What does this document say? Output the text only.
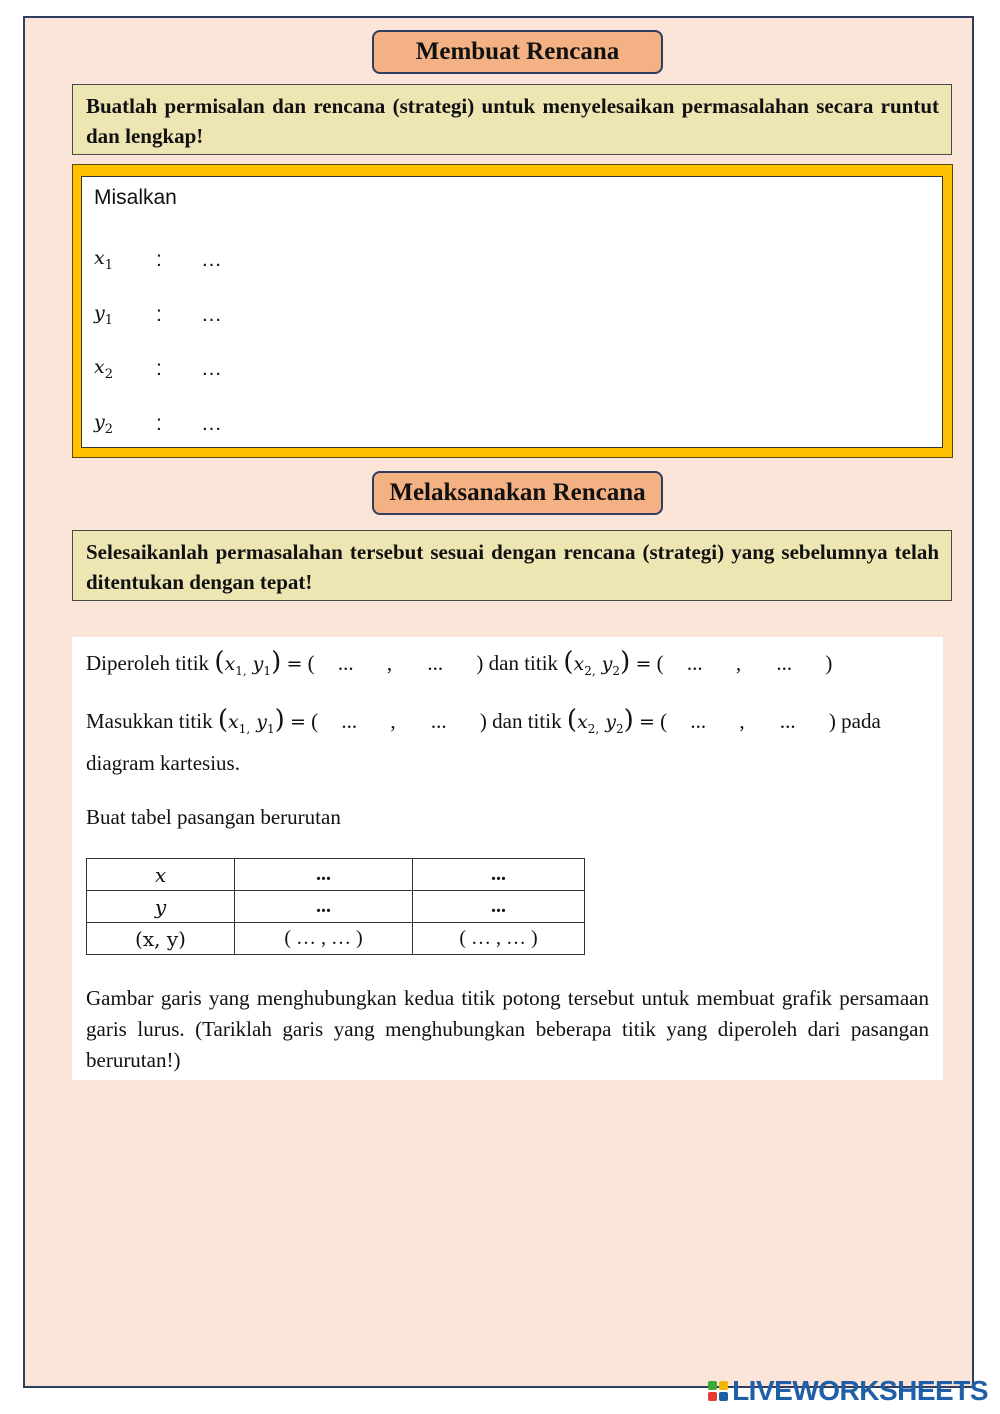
Membuat Rencana
Buatlah permisalan dan rencana (strategi) untuk menyelesaikan permasalahan secara runtut dan lengkap!
Misalkan
$x_1$	:	…
$y_1$	:	…
$x_2$	:	…
$y_2$	:	…
Melaksanakan Rencana
Selesaikanlah permasalahan tersebut sesuai dengan rencana (strategi) yang sebelumnya telah ditentukan dengan tepat!
Diperoleh titik ($x_{1,}$ $y_1$) = ( ... , ... ) dan titik ($x_{2,}$ $y_2$) = ( ... , ... )
Masukkan titik ($x_{1,}$ $y_1$) = ( ... , ... ) dan titik ($x_{2,}$ $y_2$) = ( ... , ... ) pada
diagram kartesius.
Buat tabel pasangan berurutan
x	...	...
y	...	...
(x, y)	( … , … )	( … , … )
Gambar garis yang menghubungkan kedua titik potong tersebut untuk membuat grafik persamaan garis lurus. (Tariklah garis yang menghubungkan beberapa titik yang diperoleh dari pasangan berurutan!)
LIVEWORKSHEETS
